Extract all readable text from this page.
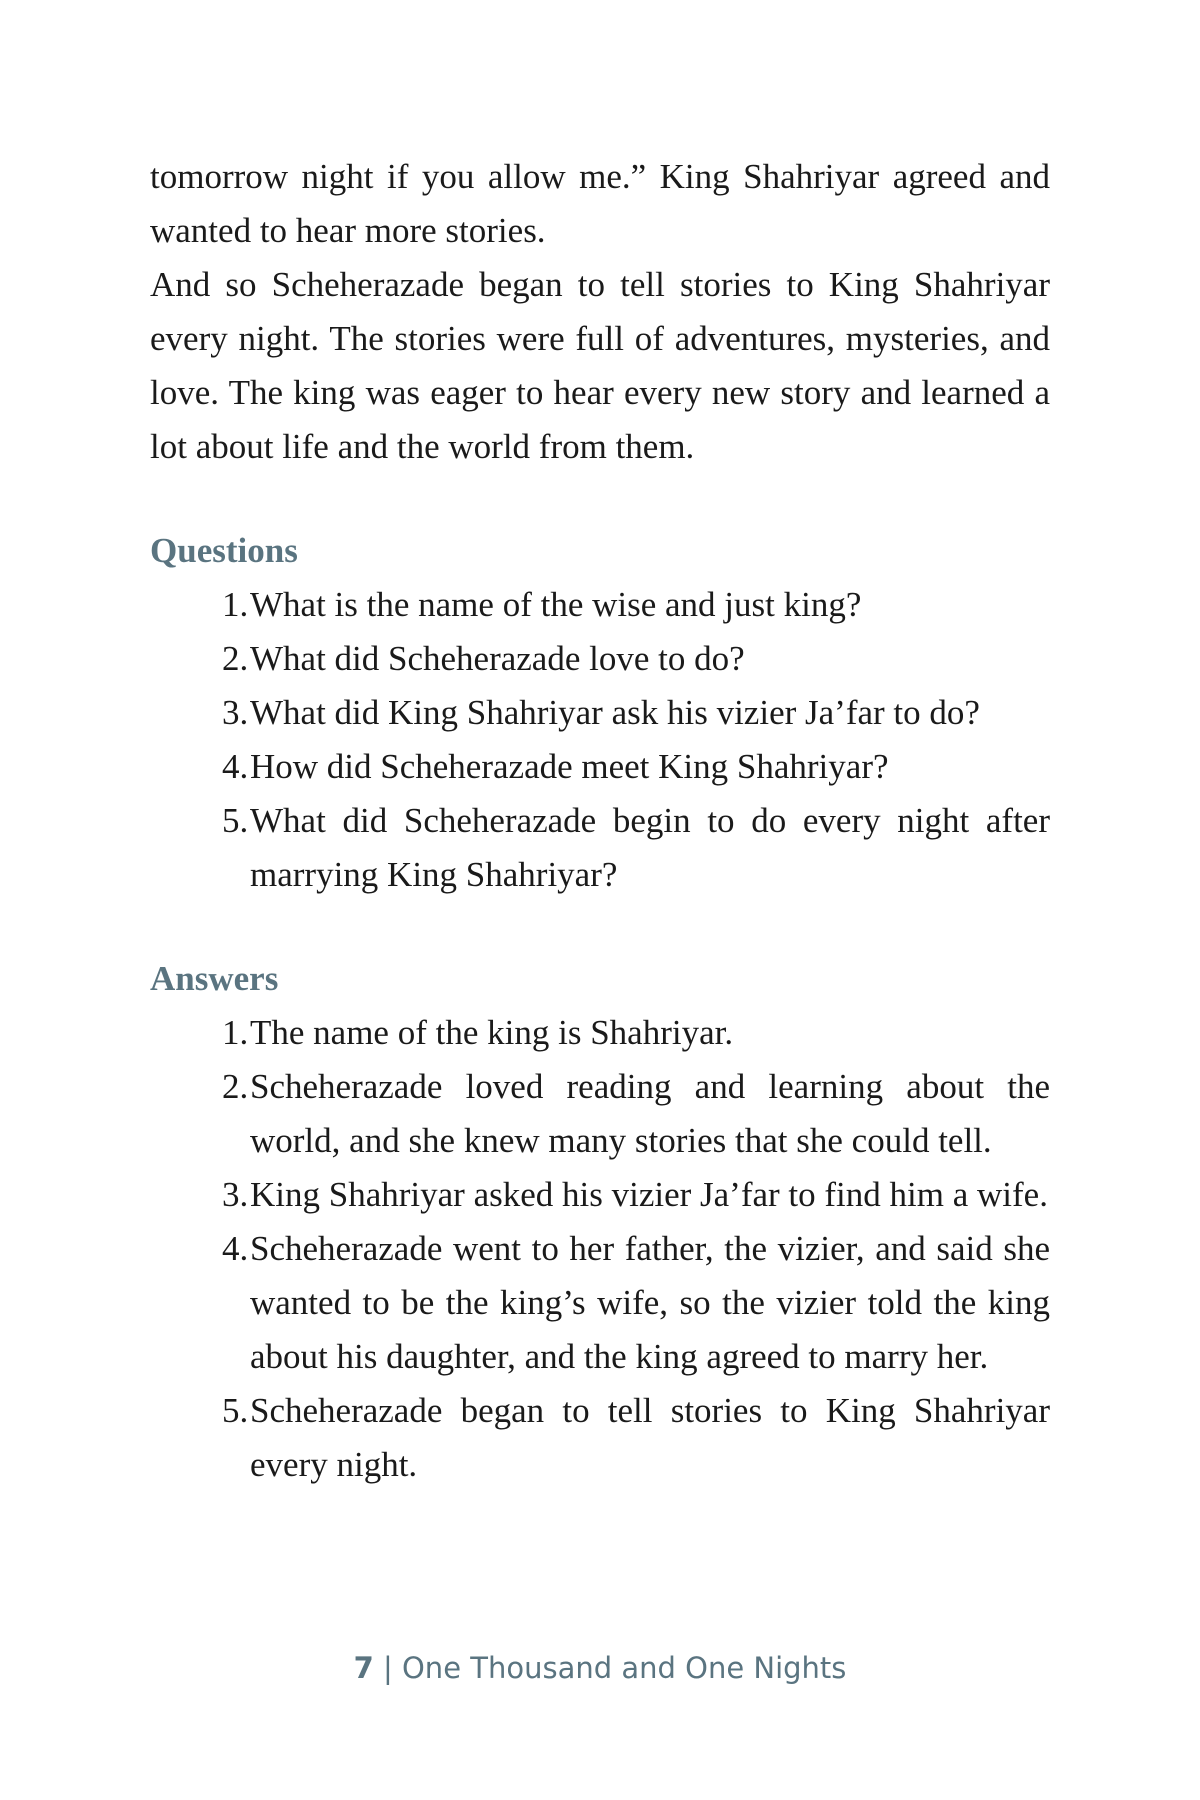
tomorrow night if you allow me.” King Shahriyar agreed and wanted to hear more stories.

And so Scheherazade began to tell stories to King Shahriyar every night. The stories were full of adventures, mysteries, and love. The king was eager to hear every new story and learned a lot about life and the world from them.

Questions
1. What is the name of the wise and just king?
2. What did Scheherazade love to do?
3. What did King Shahriyar ask his vizier Ja’far to do?
4. How did Scheherazade meet King Shahriyar?
5. What did Scheherazade begin to do every night after marrying King Shahriyar?
Answers
1. The name of the king is Shahriyar.
2. Scheherazade loved reading and learning about the world, and she knew many stories that she could tell.
3. King Shahriyar asked his vizier Ja’far to find him a wife.
4. Scheherazade went to her father, the vizier, and said she wanted to be the king’s wife, so the vizier told the king about his daughter, and the king agreed to marry her.
5. Scheherazade began to tell stories to King Shahriyar every night.
7 | One Thousand and One Nights
